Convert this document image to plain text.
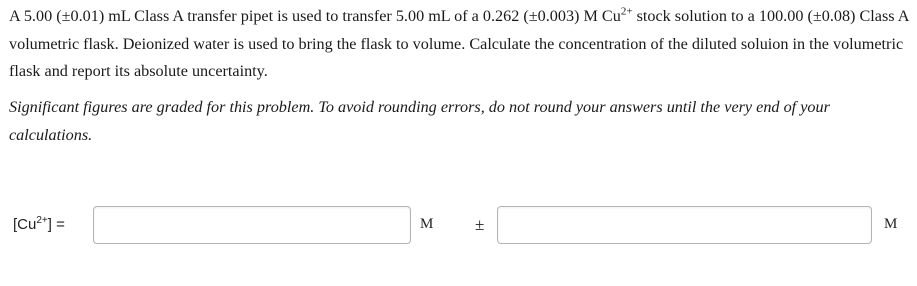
A 5.00 (±0.01) mL Class A transfer pipet is used to transfer 5.00 mL of a 0.262 (±0.003) M $Cu^{2+}$ stock solution to a 100.00 (±0.08) Class A volumetric flask. Deionized water is used to bring the flask to volume. Calculate the concentration of the diluted soluion in the volumetric flask and report its absolute uncertainty.
Significant figures are graded for this problem. To avoid rounding errors, do not round your answers until the very end of your calculations.
$[Cu^{2+}]$ =	M ±	M
